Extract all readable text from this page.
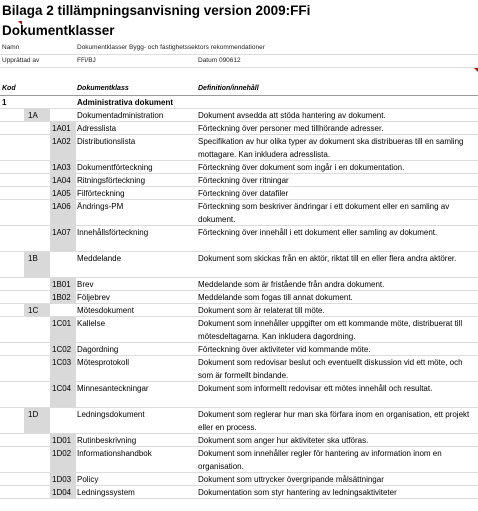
Bilaga 2 tillämpningsanvisning version 2009:FFi
Dokumentklasser
Namn	Dokumentklasser Bygg- och fastighetssektors rekommendationer
Upprättad av	FFi/BJ	Datum 090612
Kod	Dokumentklass	Definition/innehåll
1	Administrativa dokument
1A	Dokumentadministration	Dokument avsedda att stöda hantering av dokument.
1A01 Adresslista	Förteckning över personer med tillhörande adresser.
1A02 Distributionslista	Specifikation av hur olika typer av dokument ska distribueras till en samling mottagare. Kan inkludera adresslista.
1A03 Dokumentförteckning	Förteckning över dokument som ingår i en dokumentation.
1A04 Ritningsförteckning	Förteckning över ritningar
1A05 Filförteckning	Förteckning över datafiler
1A06 Ändrings-PM	Förteckning som beskriver ändringar i ett dokument eller en samling av dokument.
1A07 Innehållsförteckning	Förteckning över innehåll i ett dokument eller samling av dokument.
1B	Meddelande	Dokument som skickas från en aktör, riktat till en eller flera andra aktörer.
1B01 Brev	Meddelande som är fristående från andra dokument.
1B02 Följebrev	Meddelande som fogas till annat dokument.
1C	Mötesdokument	Dokument som är relaterat till möte.
1C01 Kallelse	Dokument som innehåller uppgifter om ett kommande möte, distribuerat till mötesdeltagarna. Kan inkludera dagordning.
1C02 Dagordning	Förteckning över aktiviteter vid kommande möte.
1C03 Mötesprotokoll	Dokument som redovisar beslut och eventuellt diskussion vid ett möte, och som är formellt bindande.
1C04 Minnesanteckningar	Dokument som informellt redovisar ett mötes innehåll och resultat.
1D	Ledningsdokument	Dokument som reglerar hur man ska förfara inom en organisation, ett projekt eller en process.
1D01 Rutinbeskrivning	Dokument som anger hur aktiviteter ska utföras.
1D02 Informationshandbok	Dokument som innehåller regler för hantering av information inom en organisation.
1D03 Policy	Dokument som uttrycker övergripande målsättningar
1D04 Ledningssystem	Dokumentation som styr hantering av ledningsaktiviteter
